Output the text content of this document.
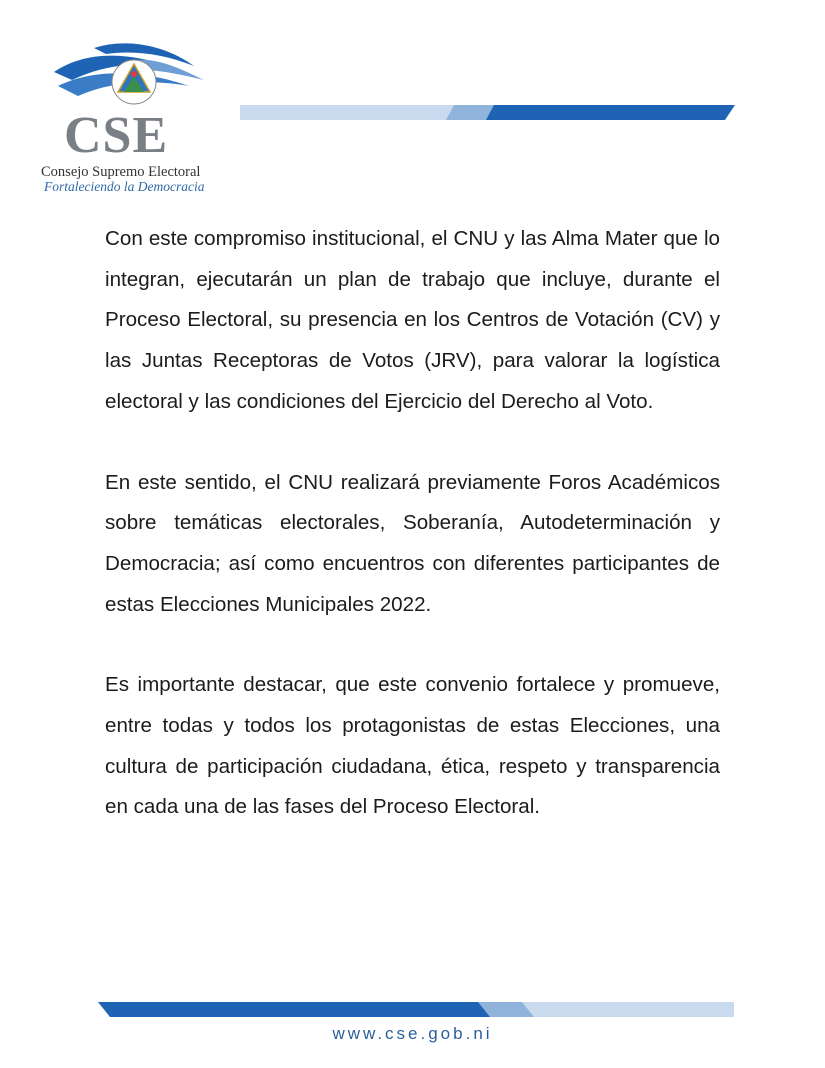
CSE
Consejo Supremo Electoral
Fortaleciendo la Democracia

Con este compromiso institucional, el CNU y las Alma Mater que lo integran, ejecutarán un plan de trabajo que incluye, durante el Proceso Electoral, su presencia en los Centros de Votación (CV) y las Juntas Receptoras de Votos (JRV), para valorar la logística electoral y las condiciones del Ejercicio del Derecho al Voto.

En este sentido, el CNU realizará previamente Foros Académicos sobre temáticas electorales, Soberanía, Autodeterminación y Democracia; así como encuentros con diferentes participantes de estas Elecciones Municipales 2022.

Es importante destacar, que este convenio fortalece y promueve, entre todas y todos los protagonistas de estas Elecciones, una cultura de participación ciudadana, ética, respeto y transparencia en cada una de las fases del Proceso Electoral.

www.cse.gob.ni
